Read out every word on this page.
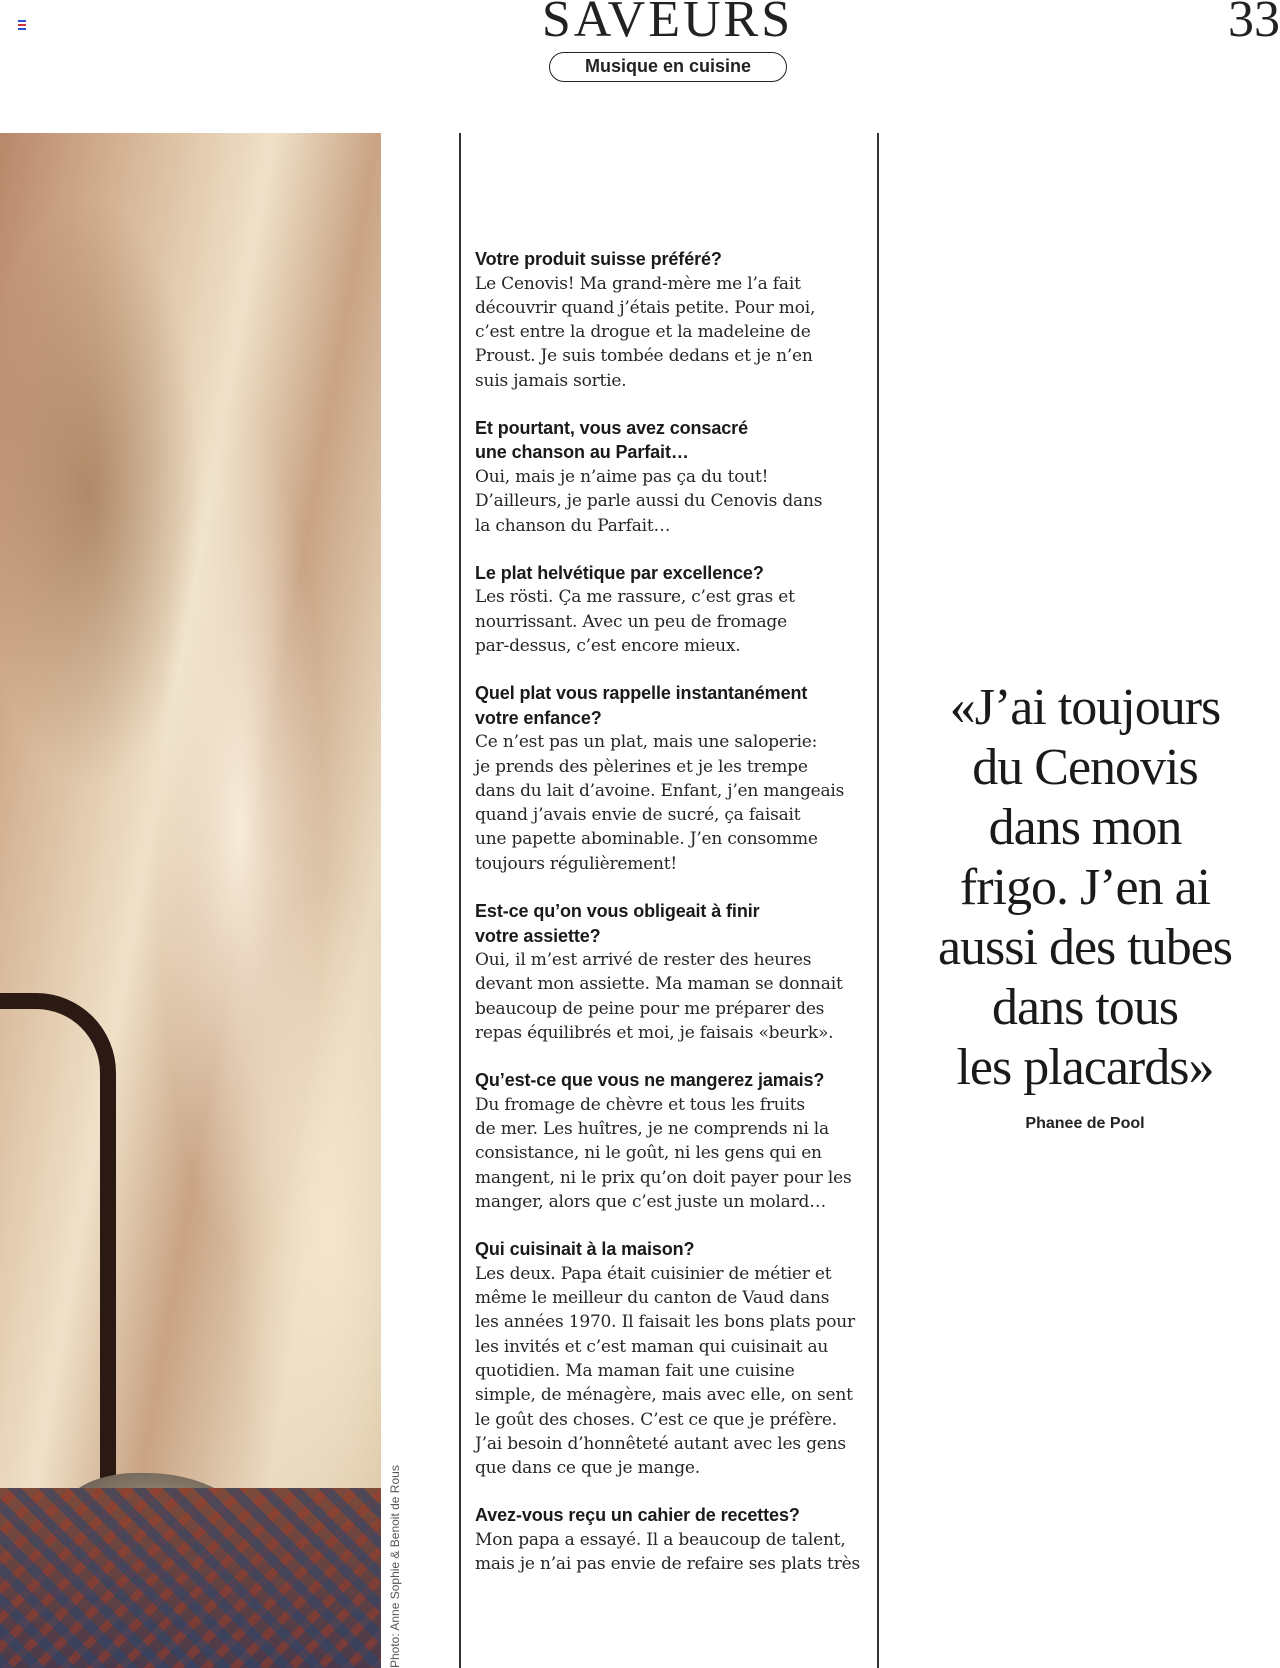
SAVEURS
Musique en cuisine
33
Photo: Anne Sophie & Benoit de Rous

Votre produit suisse préféré?

Le Cenovis! Ma grand-mère me l’a fait
découvrir quand j’étais petite. Pour moi,
c’est entre la drogue et la madeleine de
Proust. Je suis tombée dedans et je n’en
suis jamais sortie.

Et pourtant, vous avez consacré
une chanson au Parfait…

Oui, mais je n’aime pas ça du tout!
D’ailleurs, je parle aussi du Cenovis dans
la chanson du Parfait…

Le plat helvétique par excellence?

Les rösti. Ça me rassure, c’est gras et
nourrissant. Avec un peu de fromage
par-dessus, c’est encore mieux.

Quel plat vous rappelle instantanément
votre enfance?

Ce n’est pas un plat, mais une saloperie:
je prends des pèlerines et je les trempe
dans du lait d’avoine. Enfant, j’en mangeais
quand j’avais envie de sucré, ça faisait
une papette abominable. J’en consomme
toujours régulièrement!

Est-ce qu’on vous obligeait à finir
votre assiette?

Oui, il m’est arrivé de rester des heures
devant mon assiette. Ma maman se donnait
beaucoup de peine pour me préparer des
repas équilibrés et moi, je faisais «beurk».

Qu’est-ce que vous ne mangerez jamais?

Du fromage de chèvre et tous les fruits
de mer. Les huîtres, je ne comprends ni la
consistance, ni le goût, ni les gens qui en
mangent, ni le prix qu’on doit payer pour les
manger, alors que c’est juste un molard…

Qui cuisinait à la maison?

Les deux. Papa était cuisinier de métier et
même le meilleur du canton de Vaud dans
les années 1970. Il faisait les bons plats pour
les invités et c’est maman qui cuisinait au
quotidien. Ma maman fait une cuisine
simple, de ménagère, mais avec elle, on sent
le goût des choses. C’est ce que je préfère.
J’ai besoin d’honnêteté autant avec les gens
que dans ce que je mange.

Avez-vous reçu un cahier de recettes?

Mon papa a essayé. Il a beaucoup de talent,
mais je n’ai pas envie de refaire ses plats très

«J’ai toujours
du Cenovis
dans mon
frigo. J’en ai
aussi des tubes
dans tous
les placards»
Phanee de Pool
